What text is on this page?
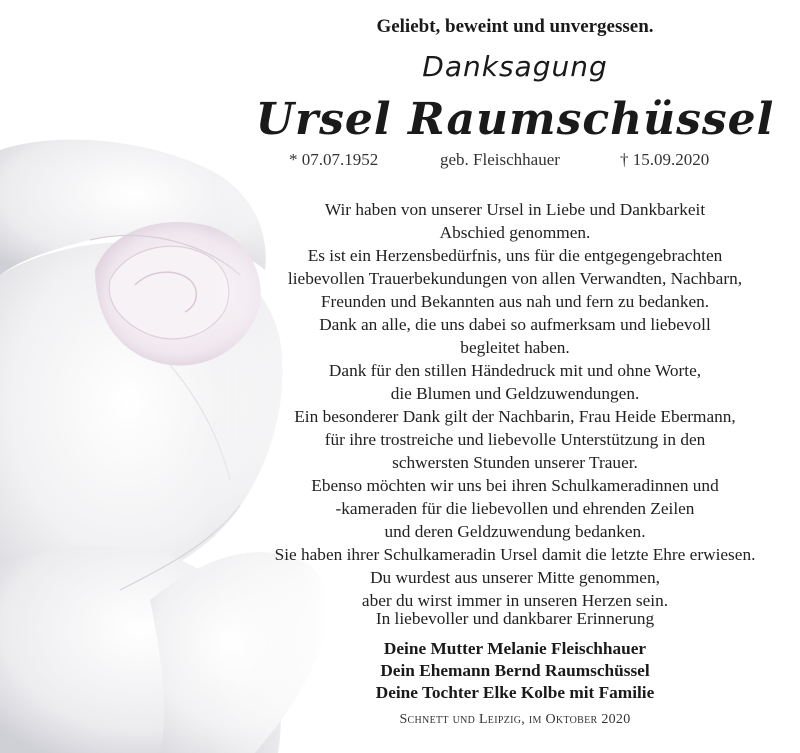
Geliebt, beweint und unvergessen.
Danksagung
Ursel Raumschüssel
* 07.07.1952	geb. Fleischhauer	† 15.09.2020
Wir haben von unserer Ursel in Liebe und Dankbarkeit
Abschied genommen.
Es ist ein Herzensbedürfnis, uns für die entgegengebrachten
liebevollen Trauerbekundungen von allen Verwandten, Nachbarn,
Freunden und Bekannten aus nah und fern zu bedanken.
Dank an alle, die uns dabei so aufmerksam und liebevoll
begleitet haben.
Dank für den stillen Händedruck mit und ohne Worte,
die Blumen und Geldzuwendungen.
Ein besonderer Dank gilt der Nachbarin, Frau Heide Ebermann,
für ihre trostreiche und liebevolle Unterstützung in den
schwersten Stunden unserer Trauer.
Ebenso möchten wir uns bei ihren Schulkameradinnen und
-kameraden für die liebevollen und ehrenden Zeilen
und deren Geldzuwendung bedanken.
Sie haben ihrer Schulkameradin Ursel damit die letzte Ehre erwiesen.
Du wurdest aus unserer Mitte genommen,
aber du wirst immer in unseren Herzen sein.
In liebevoller und dankbarer Erinnerung
Deine Mutter Melanie Fleischhauer
Dein Ehemann Bernd Raumschüssel
Deine Tochter Elke Kolbe mit Familie
Schnett und Leipzig, im Oktober 2020
